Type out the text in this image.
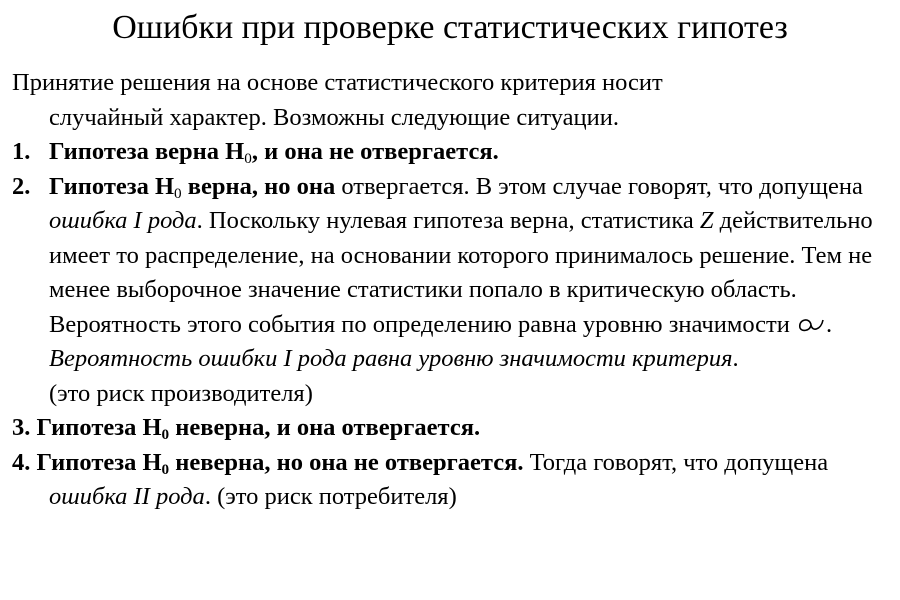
Ошибки при проверке статистических гипотез

Принятие решения на основе статистического критерия носит
случайный характер. Возможны следующие ситуации.

1. Гипотеза верна $Н_0$, и она не отвергается.

2. Гипотеза $Н_0$ верна, но она отвергается. В этом случае говорят, что допущена ошибка I рода. Поскольку нулевая гипотеза верна, статистика Z действительно имеет то распределение, на основании которого принималось решение. Тем не менее выборочное значение статистики попало в критическую область. Вероятность этого события по определению равна уровню значимости .
Вероятность ошибки I рода равна уровню значимости критерия.
(это риск производителя)

3. Гипотеза $Н_0$ неверна, и она отвергается.

4. Гипотеза $Н_0$ неверна, но она не отвергается. Тогда говорят, что допущена ошибка II рода. (это риск потребителя)
